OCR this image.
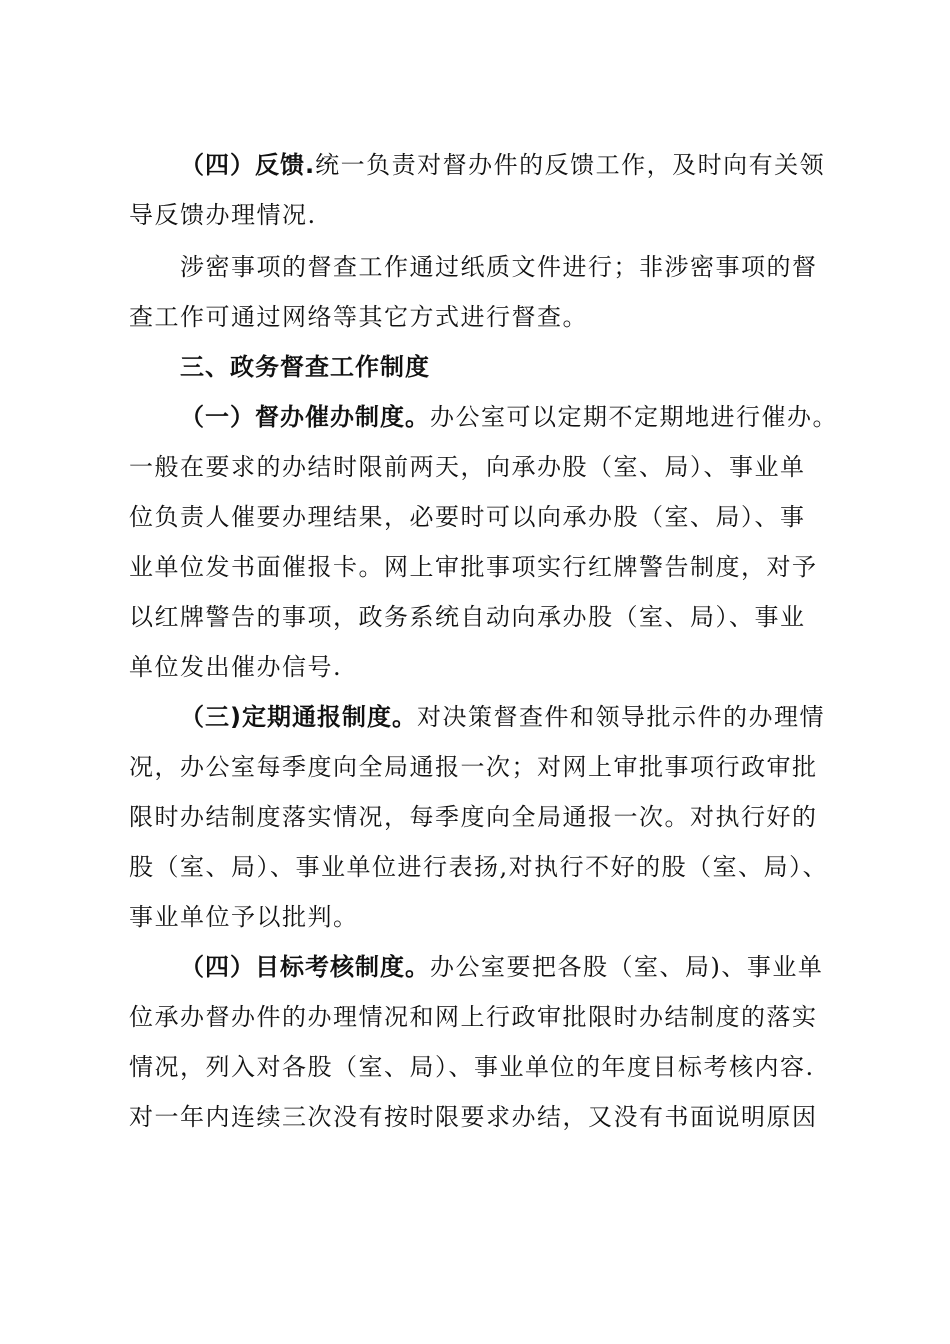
（四）反馈.统一负责对督办件的反馈工作，及时向有关领
导反馈办理情况.
涉密事项的督查工作通过纸质文件进行；非涉密事项的督
查工作可通过网络等其它方式进行督查。
三、政务督查工作制度
（一）督办催办制度。办公室可以定期不定期地进行催办。
一般在要求的办结时限前两天，向承办股（室、局）、事业单
位负责人催要办理结果，必要时可以向承办股（室、局）、事
业单位发书面催报卡。网上审批事项实行红牌警告制度，对予
以红牌警告的事项，政务系统自动向承办股（室、局）、事业
单位发出催办信号.
（三)定期通报制度。对决策督查件和领导批示件的办理情
况，办公室每季度向全局通报一次；对网上审批事项行政审批
限时办结制度落实情况，每季度向全局通报一次。对执行好的
股（室、局）、事业单位进行表扬,对执行不好的股（室、局）、
事业单位予以批判。
（四）目标考核制度。办公室要把各股（室、局)、事业单
位承办督办件的办理情况和网上行政审批限时办结制度的落实
情况，列入对各股（室、局）、事业单位的年度目标考核内容.
对一年内连续三次没有按时限要求办结，又没有书面说明原因
